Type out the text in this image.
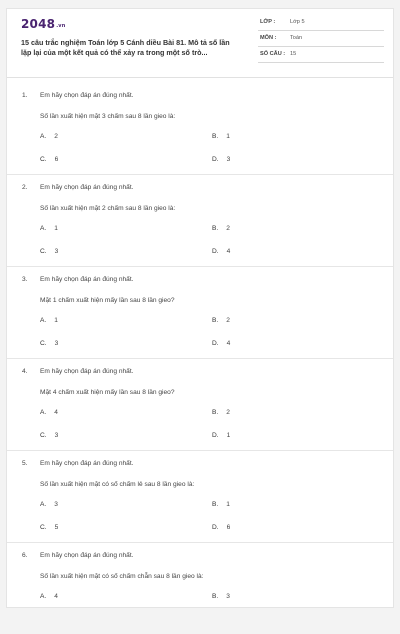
2048.vn
15 câu trắc nghiệm Toán lớp 5 Cánh diều Bài 81. Mô tả số lần lặp lại của một kết quả có thể xảy ra trong một số trò...
LỚP :	Lớp 5
MÔN : Toán
SỐ CÂU : 15
1. Em hãy chọn đáp án đúng nhất.
Số lần xuất hiện mặt 3 chấm sau 8 lần gieo là:
A. 2	B. 1
C. 6	D. 3
2. Em hãy chọn đáp án đúng nhất.
Số lần xuất hiện mặt 2 chấm sau 8 lần gieo là:
A. 1	B. 2
C. 3	D. 4
3. Em hãy chọn đáp án đúng nhất.
Mặt 1 chấm xuất hiện mấy lần sau 8 lần gieo?
A. 1	B. 2
C. 3	D. 4
4. Em hãy chọn đáp án đúng nhất.
Mặt 4 chấm xuất hiện mấy lần sau 8 lần gieo?
A. 4	B. 2
C. 3	D. 1
5. Em hãy chọn đáp án đúng nhất.
Số lần xuất hiện mặt có số chấm lẻ sau 8 lần gieo là:
A. 3	B. 1
C. 5	D. 6
6. Em hãy chọn đáp án đúng nhất.
Số lần xuất hiện mặt có số chấm chẵn sau 8 lần gieo là:
A. 4	B. 3
